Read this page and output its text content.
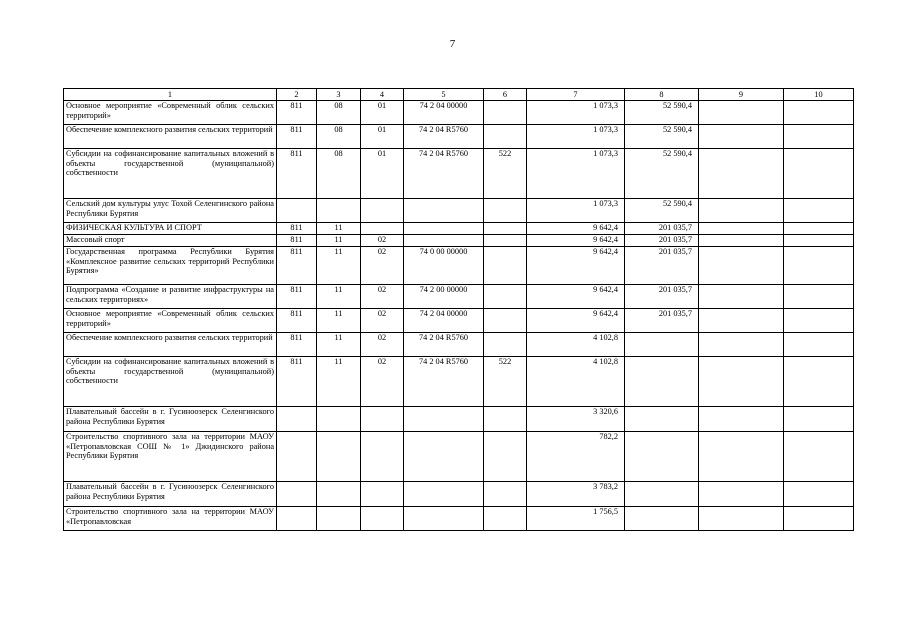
7
1	2	3	4	5	6	7	8	9	10
Основное мероприятие «Современный облик сельских территорий»	811	08	01	74 2 04 00000		1 073,3	52 590,4		
Обеспечение комплексного развития сельских территорий	811	08	01	74 2 04 R5760		1 073,3	52 590,4		
Субсидии на софинансирование капитальных вложений в объекты государственной (муниципальной) собственности	811	08	01	74 2 04 R5760	522	1 073,3	52 590,4		
Сельский дом культуры улус Тохой Селенгинского района Республики Бурятия						1 073,3	52 590,4		
ФИЗИЧЕСКАЯ КУЛЬТУРА И СПОРТ	811	11				9 642,4	201 035,7		
Массовый спорт	811	11	02			9 642,4	201 035,7		
Государственная программа Республики Бурятия «Комплексное развитие сельских территорий Республики Бурятия»	811	11	02	74 0 00 00000		9 642,4	201 035,7		
Подпрограмма «Создание и развитие инфраструктуры на сельских территориях»	811	11	02	74 2 00 00000		9 642,4	201 035,7		
Основное мероприятие «Современный облик сельских территорий»	811	11	02	74 2 04 00000		9 642,4	201 035,7		
Обеспечение комплексного развития сельских территорий	811	11	02	74 2 04 R5760		4 102,8			
Субсидии на софинансирование капитальных вложений в объекты государственной (муниципальной) собственности	811	11	02	74 2 04 R5760	522	4 102,8			
Плавательный бассейн в г. Гусиноозерск Селенгинского района Республики Бурятия						3 320,6			
Строительство спортивного зала на территории МАОУ «Петропавловская СОШ № 1» Джидинского района Республики Бурятия						782,2			
Плавательный бассейн в г. Гусиноозерск Селенгинского района Республики Бурятия						3 783,2			
Строительство спортивного зала на территории МАОУ «Петропавловская						1 756,5			
